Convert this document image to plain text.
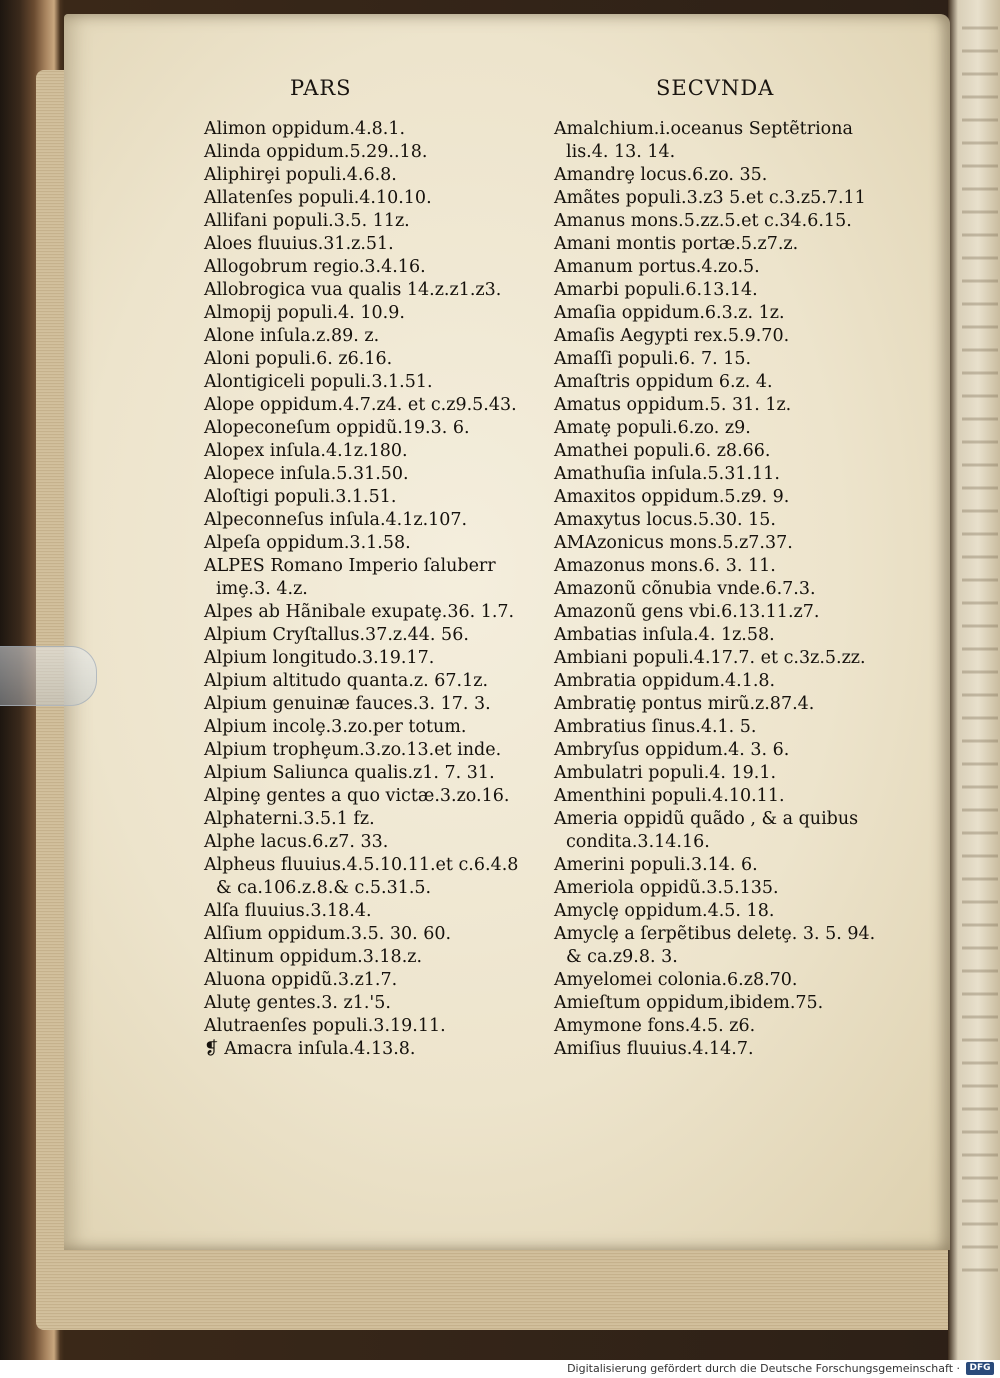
PARS	SECVNDA
Alimon oppidum.4.8.1.
Alinda oppidum.5.29..18.
Aliphirȩi populi.4.6.8.
Allatenſes populi.4.10.10.
Allifani populi.3.5. 11z.
Aloes fluuius.31.z.51.
Allogobrum regio.3.4.16.
Allobrogica vua qualis 14.z.z1.z3.
Almopij populi.4. 10.9.
Alone inſula.z.89. z.
Aloni populi.6. z6.16.
Alontigiceli populi.3.1.51.
Alope oppidum.4.7.z4. et c.z9.5.43.
Alopeconeſum oppidũ.19.3. 6.
Alopex inſula.4.1z.180.
Alopece inſula.5.31.50.
Aloſtigi populi.3.1.51.
Alpeconneſus inſula.4.1z.107.
Alpeſa oppidum.3.1.58.
ALPES Romano Imperio ſaluberr
imȩ.3. 4.z.
Alpes ab Hãnibale exupatȩ.36. 1.7.
Alpium Cryſtallus.37.z.44. 56.
Alpium longitudo.3.19.17.
Alpium altitudo quanta.z. 67.1z.
Alpium genuinæ fauces.3. 17. 3.
Alpium incolȩ.3.zo.per totum.
Alpium trophȩum.3.zo.13.et inde.
Alpium Saliunca qualis.z1. 7. 31.
Alpinȩ gentes a quo victæ.3.zo.16.
Alphaterni.3.5.1 fz.
Alphe lacus.6.z7. 33.
Alpheus fluuius.4.5.10.11.et c.6.4.8
& ca.106.z.8.& c.5.31.5.
Alſa fluuius.3.18.4.
Alſium oppidum.3.5. 30. 60.
Altinum oppidum.3.18.z.
Aluona oppidũ.3.z1.7.
Alutȩ gentes.3. z1.'5.
Alutraenſes populi.3.19.11.
❡ Amacra inſula.4.13.8.
Amalchium.i.oceanus Septẽtriona
lis.4. 13. 14.
Amandrȩ locus.6.zo. 35.
Amãtes populi.3.z3 5.et c.3.z5.7.11
Amanus mons.5.zz.5.et c.34.6.15.
Amani montis portæ.5.z7.z.
Amanum portus.4.zo.5.
Amarbi populi.6.13.14.
Amaſia oppidum.6.3.z. 1z.
Amaſis Aegypti rex.5.9.70.
Amaſſi populi.6. 7. 15.
Amaſtris oppidum 6.z. 4.
Amatus oppidum.5. 31. 1z.
Amatȩ populi.6.zo. z9.
Amathei populi.6. z8.66.
Amathuſia inſula.5.31.11.
Amaxitos oppidum.5.z9. 9.
Amaxytus locus.5.30. 15.
AMAzonicus mons.5.z7.37.
Amazonus mons.6. 3. 11.
Amazonũ cõnubia vnde.6.7.3.
Amazonũ gens vbi.6.13.11.z7.
Ambatias inſula.4. 1z.58.
Ambiani populi.4.17.7. et c.3z.5.zz.
Ambratia oppidum.4.1.8.
Ambratiȩ pontus mirũ.z.87.4.
Ambratius ſinus.4.1. 5.
Ambryſus oppidum.4. 3. 6.
Ambulatri populi.4. 19.1.
Amenthini populi.4.10.11.
Ameria oppidũ quãdo , & a quibus
condita.3.14.16.
Amerini populi.3.14. 6.
Ameriola oppidũ.3.5.135.
Amyclȩ oppidum.4.5. 18.
Amyclȩ a ſerpẽtibus deletȩ. 3. 5. 94.
& ca.z9.8. 3.
Amyelomei colonia.6.z8.70.
Amieſtum oppidum,ibidem.75.
Amymone fons.4.5. z6.
Amiſius fluuius.4.14.7.
Digitalisierung gefördert durch die Deutsche Forschungsgemeinschaft ·	DFG
